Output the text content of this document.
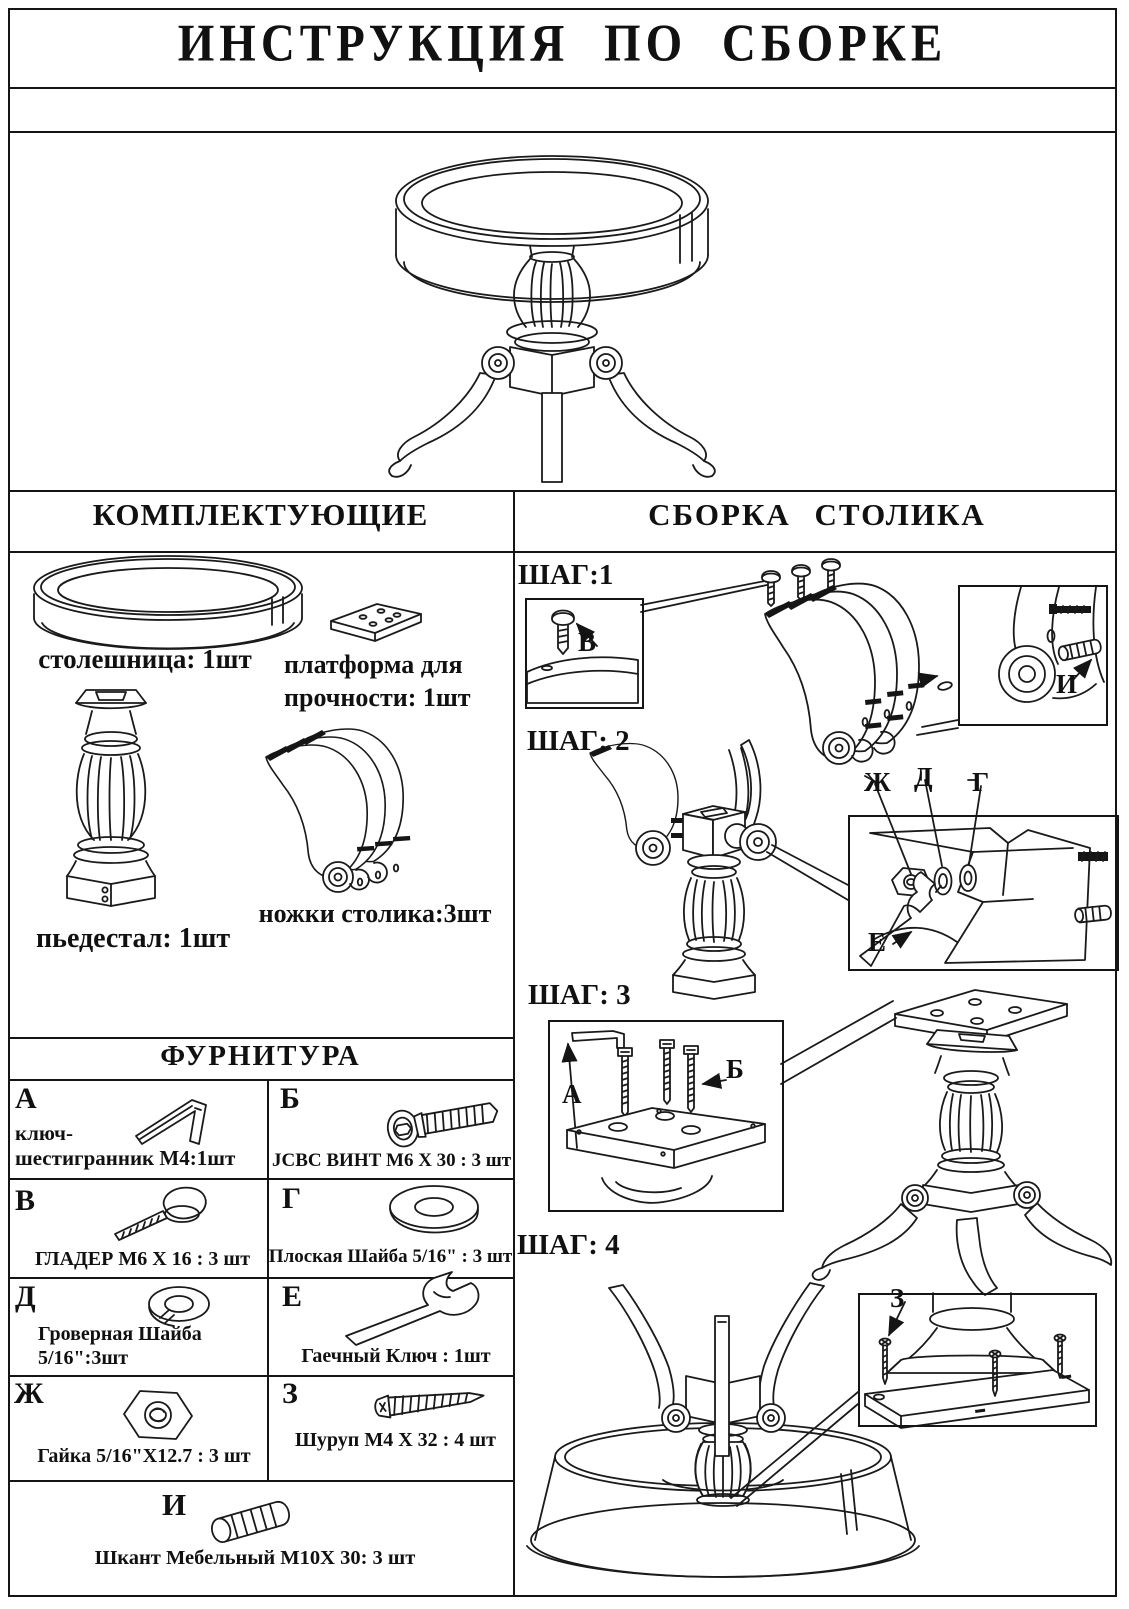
ИНСТРУКЦИЯ ПО СБОРКЕ
КОМПЛЕКТУЮЩИЕ	СБОРКА СТОЛИКА
столешница: 1шт	платформа для
прочности: 1шт
пьедестал: 1шт
ножки столика:3шт
ФУРНИТУРА
А
ключ-
шестигранник М4:1шт
Б
JCBC ВИНТ М6 Х 30 : 3 шт
В
ГЛАДЕР М6 Х 16 : 3 шт
Г
Плоская Шайба 5/16" : 3 шт
Д
Гроверная Шайба
5/16":3шт
Е
Гаечный Ключ : 1шт
Ж
Гайка 5/16"Х12.7 : 3 шт
З
Шуруп М4 Х 32 : 4 шт
И
Шкант Мебельный М10Х 30: 3 шт
ШАГ:1
ШАГ: 2
ШАГ: 3
ШАГ: 4
В
И
Ж Д Г
Е
А
Б
З
